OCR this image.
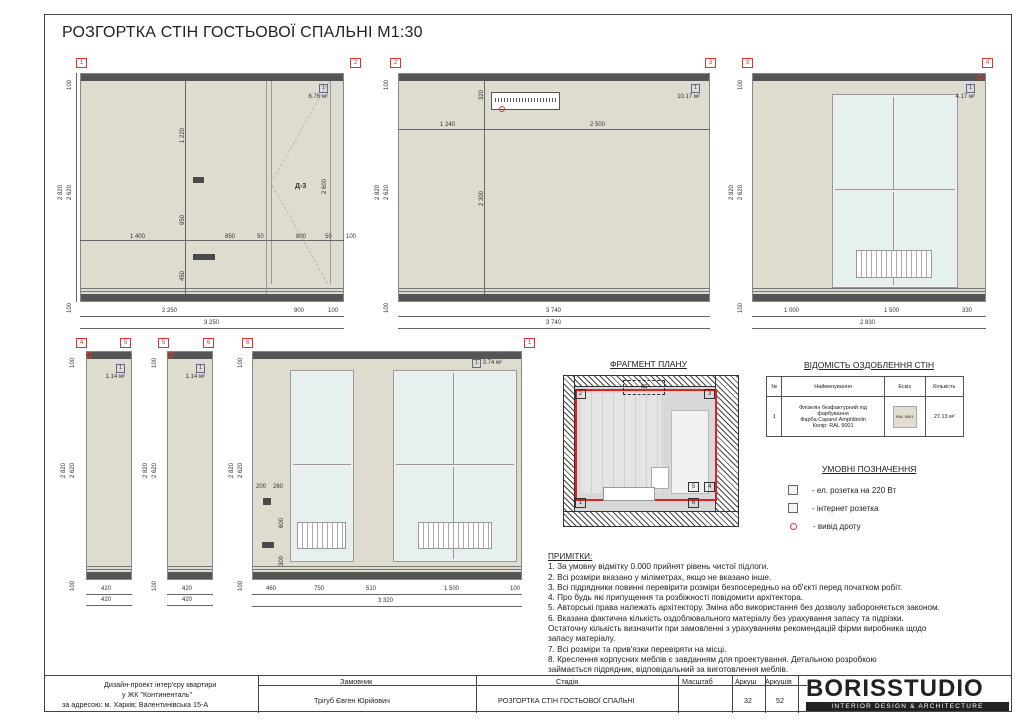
РОЗГОРТКА СТІН ГОСТЬОВОЇ СПАЛЬНІ М1:30
1	2
1
6.76 м²
Д-3
1 220
950
450
2 600
1 400	850	50	800	50 100
2 820 2 620
100
100	2 250	900	100
3 250
2	3
1
10.17 м²
1 240	2 500
320
2 300
2 820 2 620
100
100	3 740
3 740
3	4
1
4.17 м²
2 820 2 620
100
100	1 000	1 500	330
2 830
4	5
1
1.14 м²
2 820 2 620
100
100	420
420
5	6
1
1.14 м²
2 820 2 620
100
100	420
420
6	1
1 3.74 м²
200 260
600
300
2 820 2 620
100
100	460	750	510	1 500	100
3 320
ФРАГМЕНТ ПЛАНУ
5Д
2	3
4
6
5
1
ВІДОМІСТЬ ОЗДОБЛЕННЯ СТІН
№	Найменування	Ескіз	Кількість
1	Флізелін безфактурний під
фарбування
Фарба Caparol Amphibolin
Колір: RAL 9001	RAL 9001	27.13 м²
УМОВНІ ПОЗНАЧЕННЯ
- ел. розетка на 220 Вт
- інтернет розетка
- вивід дроту
ПРИМІТКИ:
1. За умовну відмітку 0.000 прийнят рівень чистої підлоги.
2. Всі розміри вказано у міліметрах, якщо не вказано інше.
3. Всі підрядники повинні перевірити розміри безпосередньо на об'єкті перед початком робіт.
4. Про будь які припущення та розбіжності повідомити архітектора.
5. Авторські права належать архітектору. Зміна або використання без дозволу забороняється законом.
6. Вказана фактична кількість оздоблювального матеріалу без урахування запасу та підрізки.
Остаточну кількість визначити при замовленні з урахуванням рекомендацій фірми виробника щодо
запасу матеріалу.
7. Всі розміри та прив'язки перевіряти на місці.
8. Креслення корпусних меблів є завданням для проектування. Детальною розробкою
займається підрядник, відповідальний за виготовлення меблів.
Дизайн-проект інтер'єру квартири
у ЖК "Континенталь"
за адресою: м. Харків; Валентинівська 15-А
Замовник
Трігуб Євген Юрійович
Стадія
РОЗГОРТКА СТІН ГОСТЬОВОЇ СПАЛЬНІ
Масштаб	Аркуш Аркушів
32	52 BORISSTUDIO
INTERIOR DESIGN & ARCHITECTURE
